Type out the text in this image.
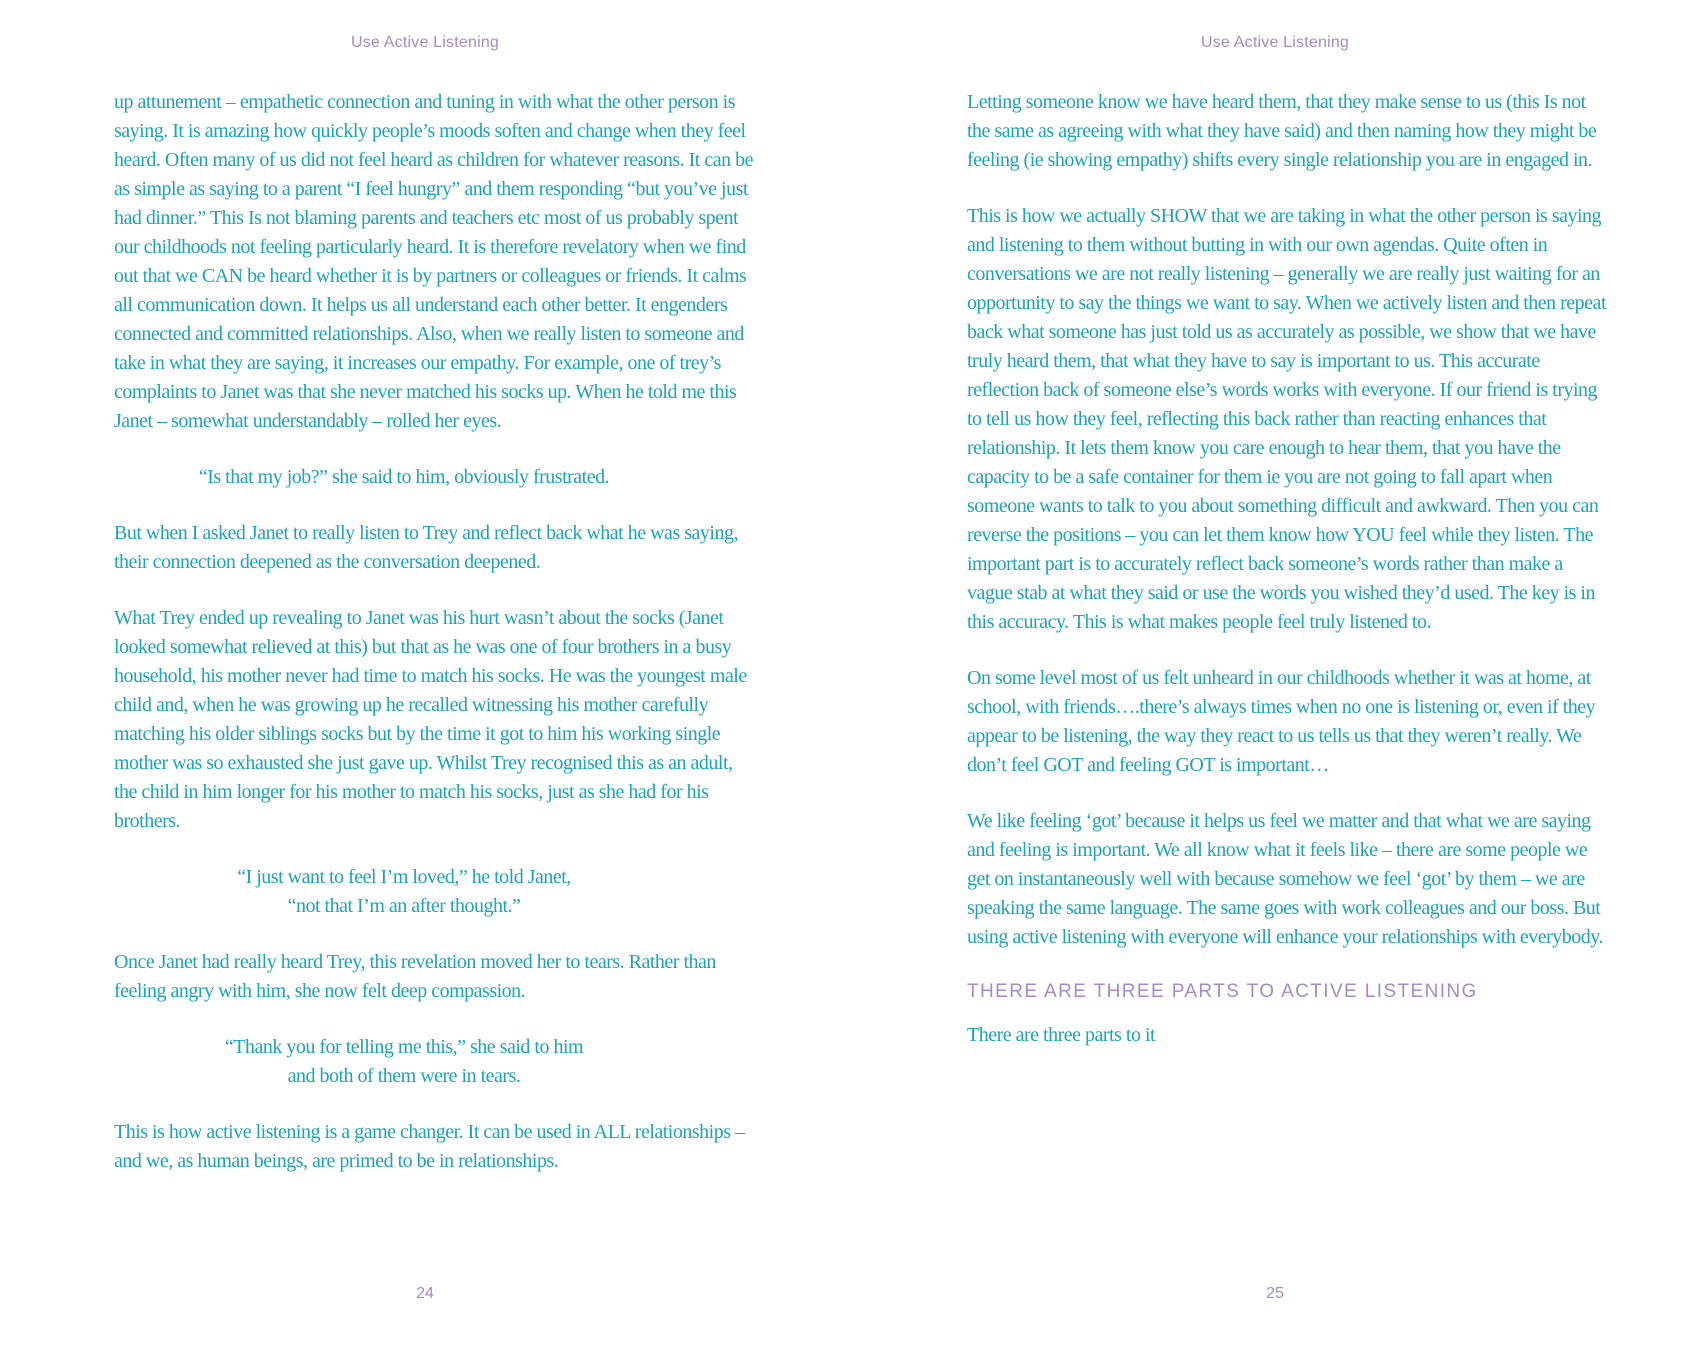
Use Active Listening

up attunement – empathetic connection and tuning in with what the other person is saying. It is amazing how quickly people’s moods soften and change when they feel heard. Often many of us did not feel heard as children for whatever reasons. It can be as simple as saying to a parent “I feel hungry” and them responding “but you’ve just had dinner.” This Is not blaming parents and teachers etc most of us probably spent our childhoods not feeling particularly heard. It is therefore revelatory when we find out that we CAN be heard whether it is by partners or colleagues or friends. It calms all communication down. It helps us all understand each other better. It engenders connected and committed relationships. Also, when we really listen to someone and take in what they are saying, it increases our empathy. For example, one of trey’s complaints to Janet was that she never matched his socks up. When he told me this Janet – somewhat understandably – rolled her eyes.

“Is that my job?” she said to him, obviously frustrated.

But when I asked Janet to really listen to Trey and reflect back what he was saying, their connection deepened as the conversation deepened.

What Trey ended up revealing to Janet was his hurt wasn’t about the socks (Janet looked somewhat relieved at this) but that as he was one of four brothers in a busy household, his mother never had time to match his socks. He was the youngest male child and, when he was growing up he recalled witnessing his mother carefully matching his older siblings socks but by the time it got to him his working single mother was so exhausted she just gave up. Whilst Trey recognised this as an adult, the child in him longer for his mother to match his socks, just as she had for his brothers.

“I just want to feel I’m loved,” he told Janet,
“not that I’m an after thought.”

Once Janet had really heard Trey, this revelation moved her to tears. Rather than feeling angry with him, she now felt deep compassion.

“Thank you for telling me this,” she said to him
and both of them were in tears.

This is how active listening is a game changer. It can be used in ALL relationships – and we, as human beings, are primed to be in relationships.

24
Use Active Listening

Letting someone know we have heard them, that they make sense to us (this Is not the same as agreeing with what they have said) and then naming how they might be feeling (ie showing empathy) shifts every single relationship you are in engaged in.

This is how we actually SHOW that we are taking in what the other person is saying and listening to them without butting in with our own agendas. Quite often in conversations we are not really listening – generally we are really just waiting for an opportunity to say the things we want to say. When we actively listen and then repeat back what someone has just told us as accurately as possible, we show that we have truly heard them, that what they have to say is important to us. This accurate reflection back of someone else’s words works with everyone. If our friend is trying to tell us how they feel, reflecting this back rather than reacting enhances that relationship. It lets them know you care enough to hear them, that you have the capacity to be a safe container for them ie you are not going to fall apart when someone wants to talk to you about something difficult and awkward. Then you can reverse the positions – you can let them know how YOU feel while they listen. The important part is to accurately reflect back someone’s words rather than make a vague stab at what they said or use the words you wished they’d used. The key is in this accuracy. This is what makes people feel truly listened to.

On some level most of us felt unheard in our childhoods whether it was at home, at school, with friends….there’s always times when no one is listening or, even if they appear to be listening, the way they react to us tells us that they weren’t really. We don’t feel GOT and feeling GOT is important…

We like feeling ‘got’ because it helps us feel we matter and that what we are saying and feeling is important. We all know what it feels like – there are some people we get on instantaneously well with because somehow we feel ‘got’ by them – we are speaking the same language. The same goes with work colleagues and our boss. But using active listening with everyone will enhance your relationships with everybody.

THERE ARE THREE PARTS TO ACTIVE LISTENING

There are three parts to it

25
